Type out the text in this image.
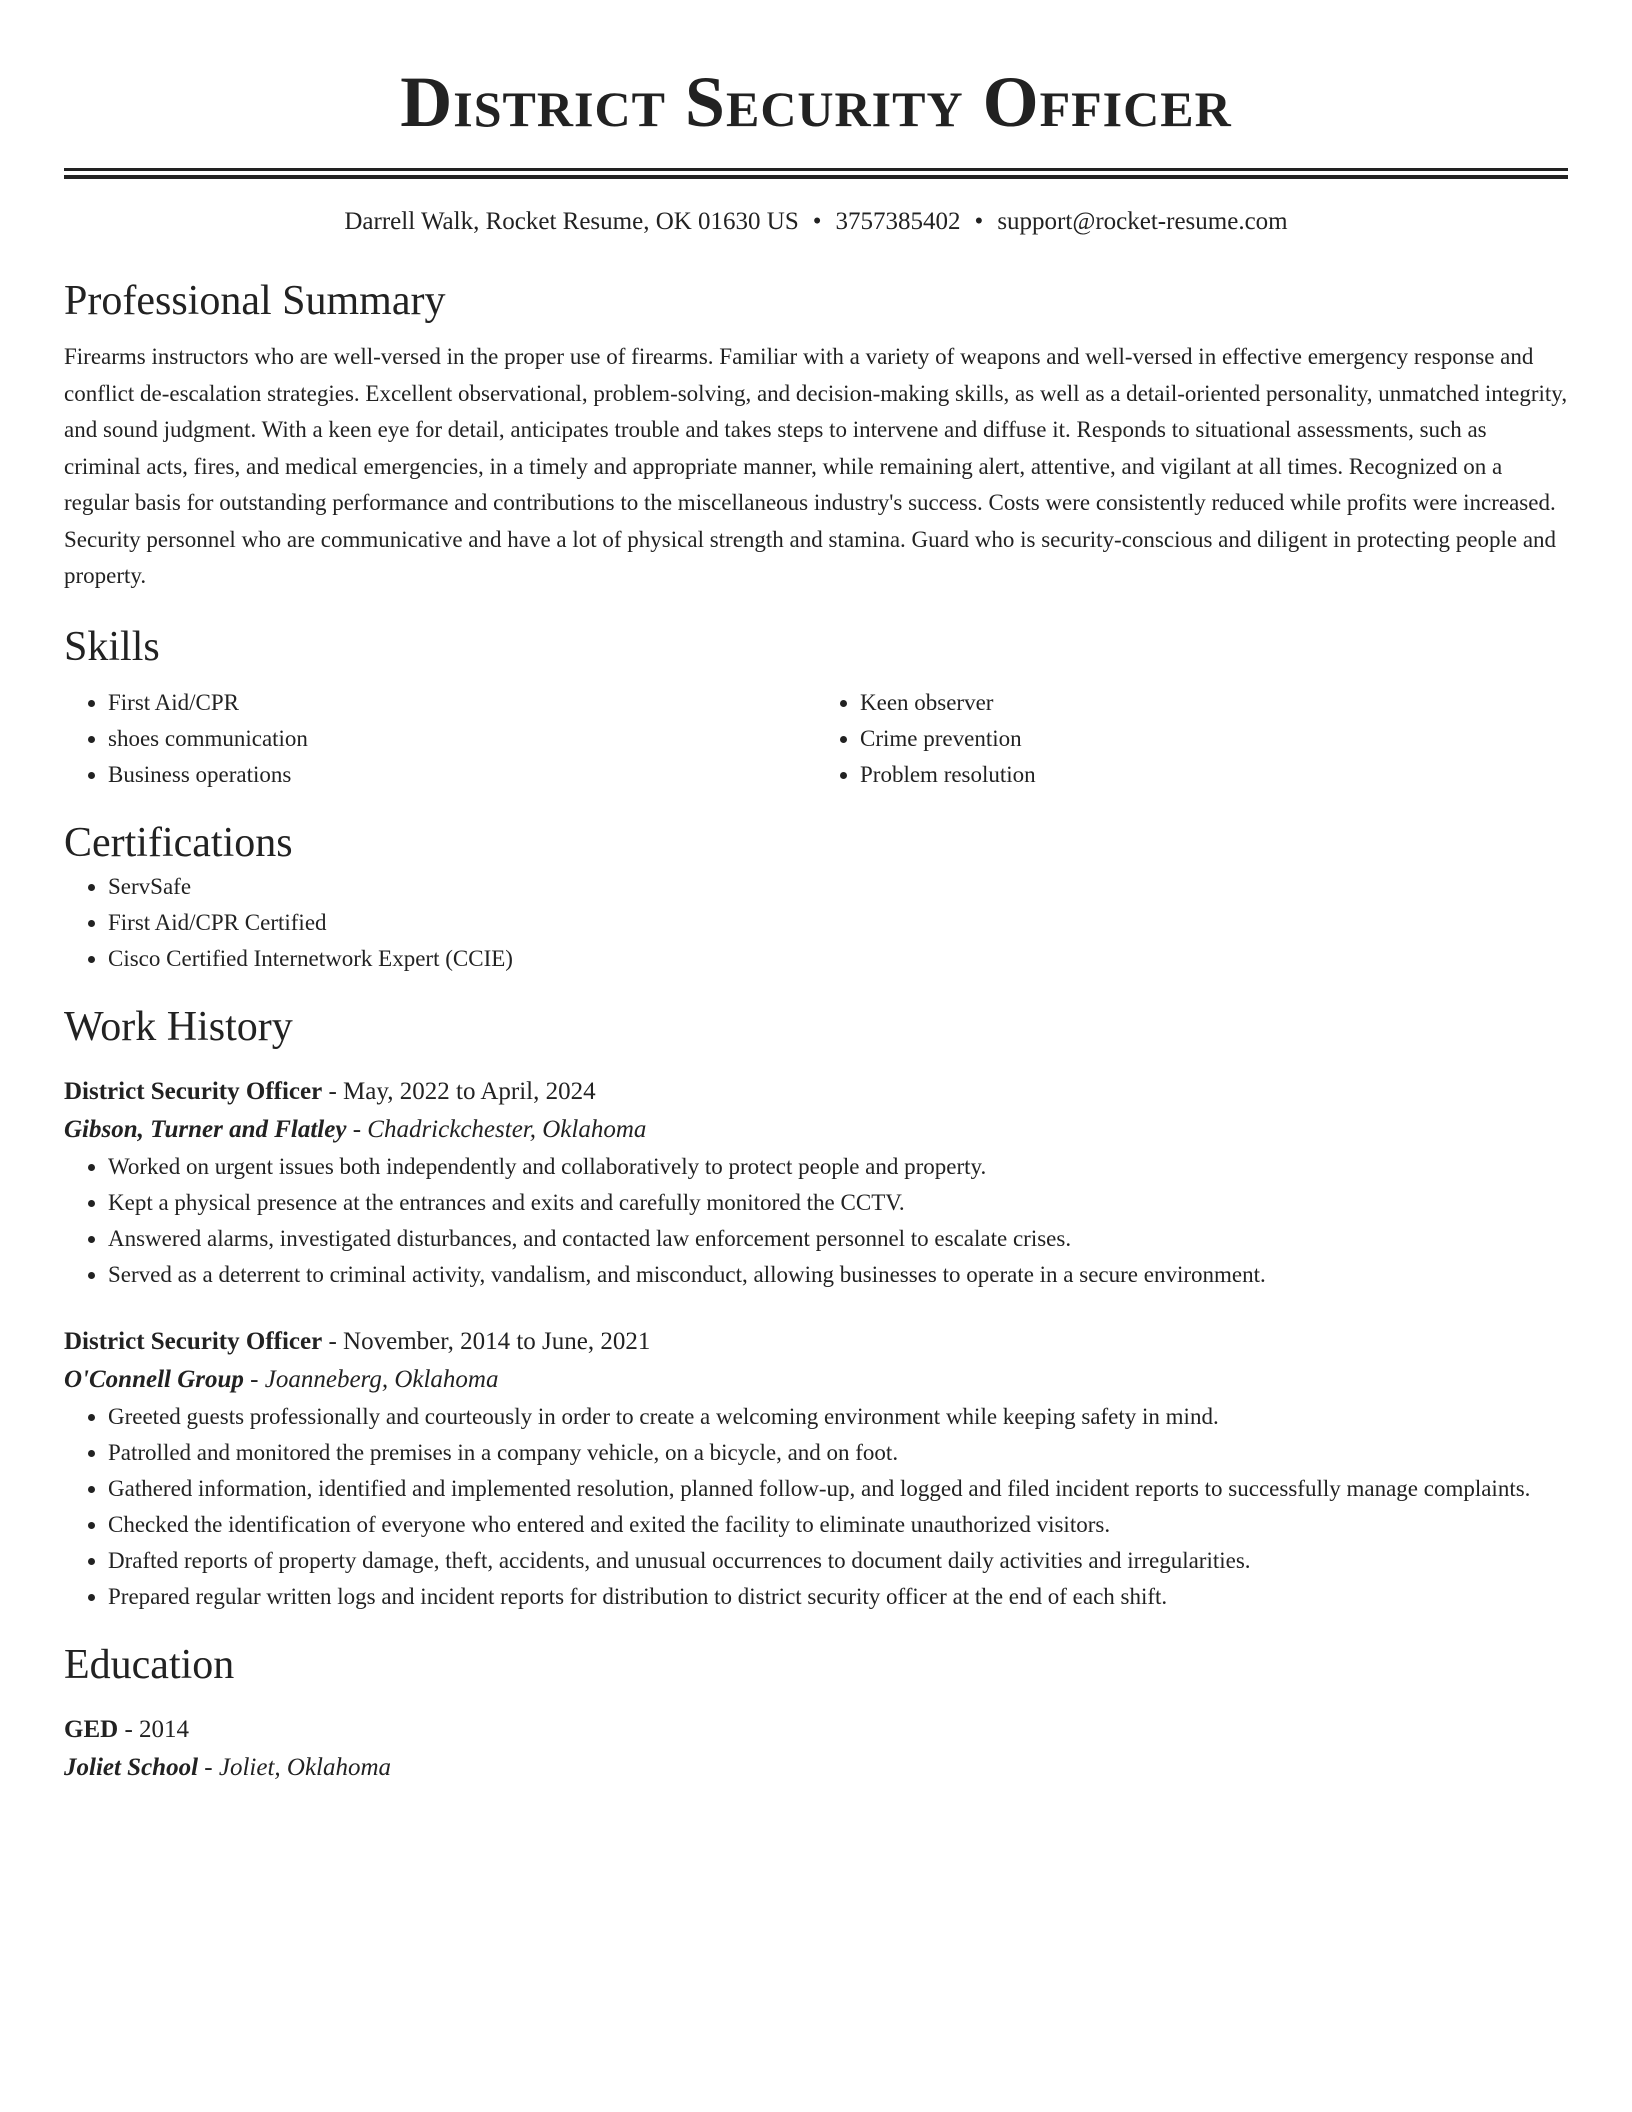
District Security Officer
Darrell Walk, Rocket Resume, OK 01630 US • 3757385402 • support@rocket-resume.com
Professional Summary

Firearms instructors who are well-versed in the proper use of firearms. Familiar with a variety of weapons and well-versed in effective emergency response and conflict de-escalation strategies. Excellent observational, problem-solving, and decision-making skills, as well as a detail-oriented personality, unmatched integrity, and sound judgment. With a keen eye for detail, anticipates trouble and takes steps to intervene and diffuse it. Responds to situational assessments, such as criminal acts, fires, and medical emergencies, in a timely and appropriate manner, while remaining alert, attentive, and vigilant at all times. Recognized on a regular basis for outstanding performance and contributions to the miscellaneous industry's success. Costs were consistently reduced while profits were increased. Security personnel who are communicative and have a lot of physical strength and stamina. Guard who is security-conscious and diligent in protecting people and property.

Skills
• First Aid/CPR
• shoes communication
• Business operations
• Keen observer
• Crime prevention
• Problem resolution
Certifications
• ServSafe
• First Aid/CPR Certified
• Cisco Certified Internetwork Expert (CCIE)
Work History
District Security Officer - May, 2022 to April, 2024
Gibson, Turner and Flatley - Chadrickchester, Oklahoma
• Worked on urgent issues both independently and collaboratively to protect people and property.
• Kept a physical presence at the entrances and exits and carefully monitored the CCTV.
• Answered alarms, investigated disturbances, and contacted law enforcement personnel to escalate crises.
• Served as a deterrent to criminal activity, vandalism, and misconduct, allowing businesses to operate in a secure environment.
District Security Officer - November, 2014 to June, 2021
O'Connell Group - Joanneberg, Oklahoma
• Greeted guests professionally and courteously in order to create a welcoming environment while keeping safety in mind.
• Patrolled and monitored the premises in a company vehicle, on a bicycle, and on foot.
• Gathered information, identified and implemented resolution, planned follow-up, and logged and filed incident reports to successfully manage complaints.
• Checked the identification of everyone who entered and exited the facility to eliminate unauthorized visitors.
• Drafted reports of property damage, theft, accidents, and unusual occurrences to document daily activities and irregularities.
• Prepared regular written logs and incident reports for distribution to district security officer at the end of each shift.
Education
GED - 2014
Joliet School - Joliet, Oklahoma
